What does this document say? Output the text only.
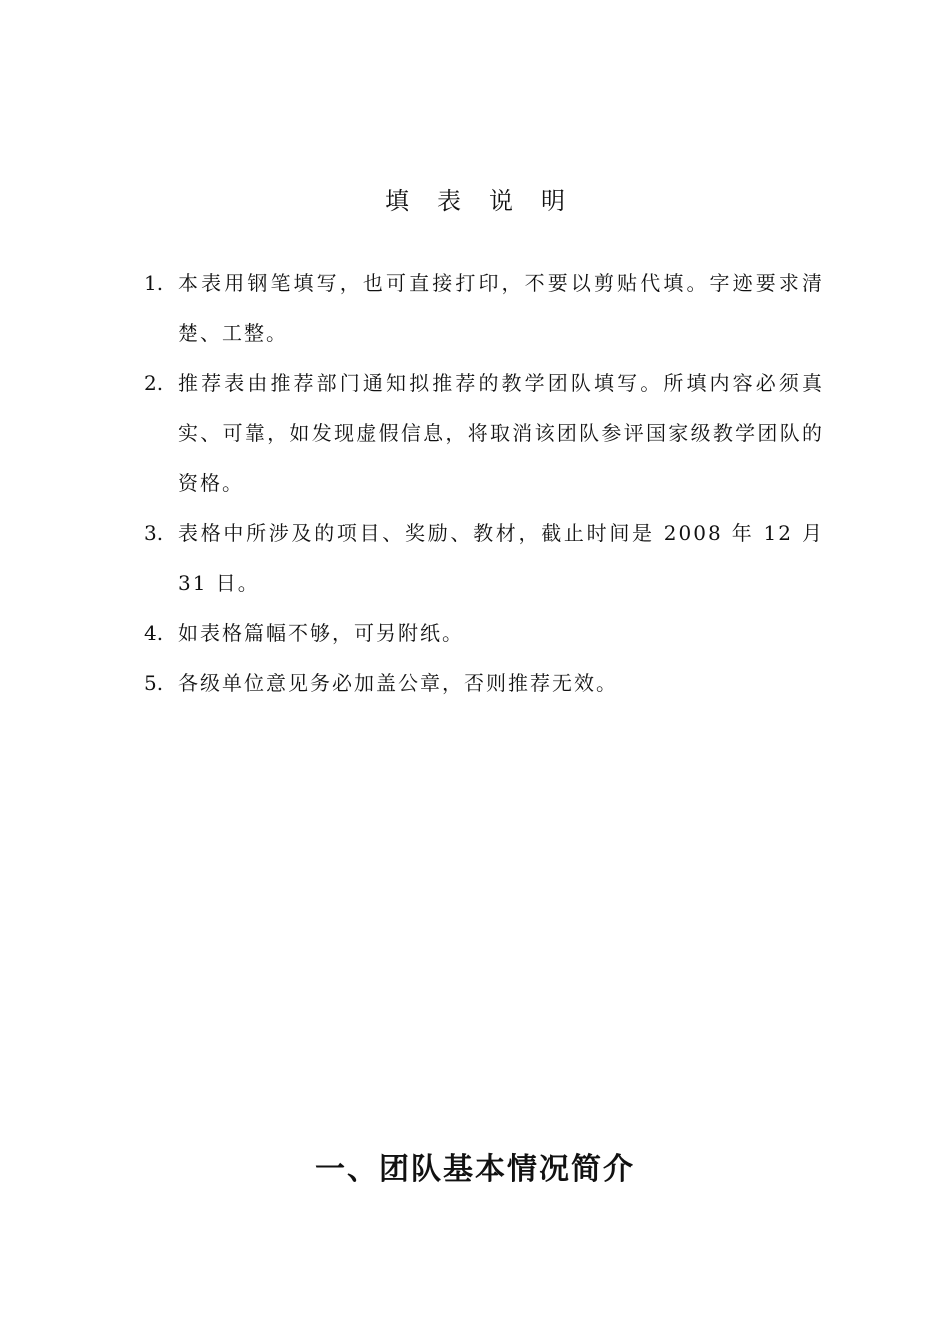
填表说明
1. 本表用钢笔填写，也可直接打印，不要以剪贴代填。字迹要求清楚、工整。
2. 推荐表由推荐部门通知拟推荐的教学团队填写。所填内容必须真实、可靠，如发现虚假信息，将取消该团队参评国家级教学团队的资格。
3. 表格中所涉及的项目、奖励、教材，截止时间是 2008 年 12 月 31 日。
4. 如表格篇幅不够，可另附纸。
5. 各级单位意见务必加盖公章，否则推荐无效。
一、团队基本情况简介
